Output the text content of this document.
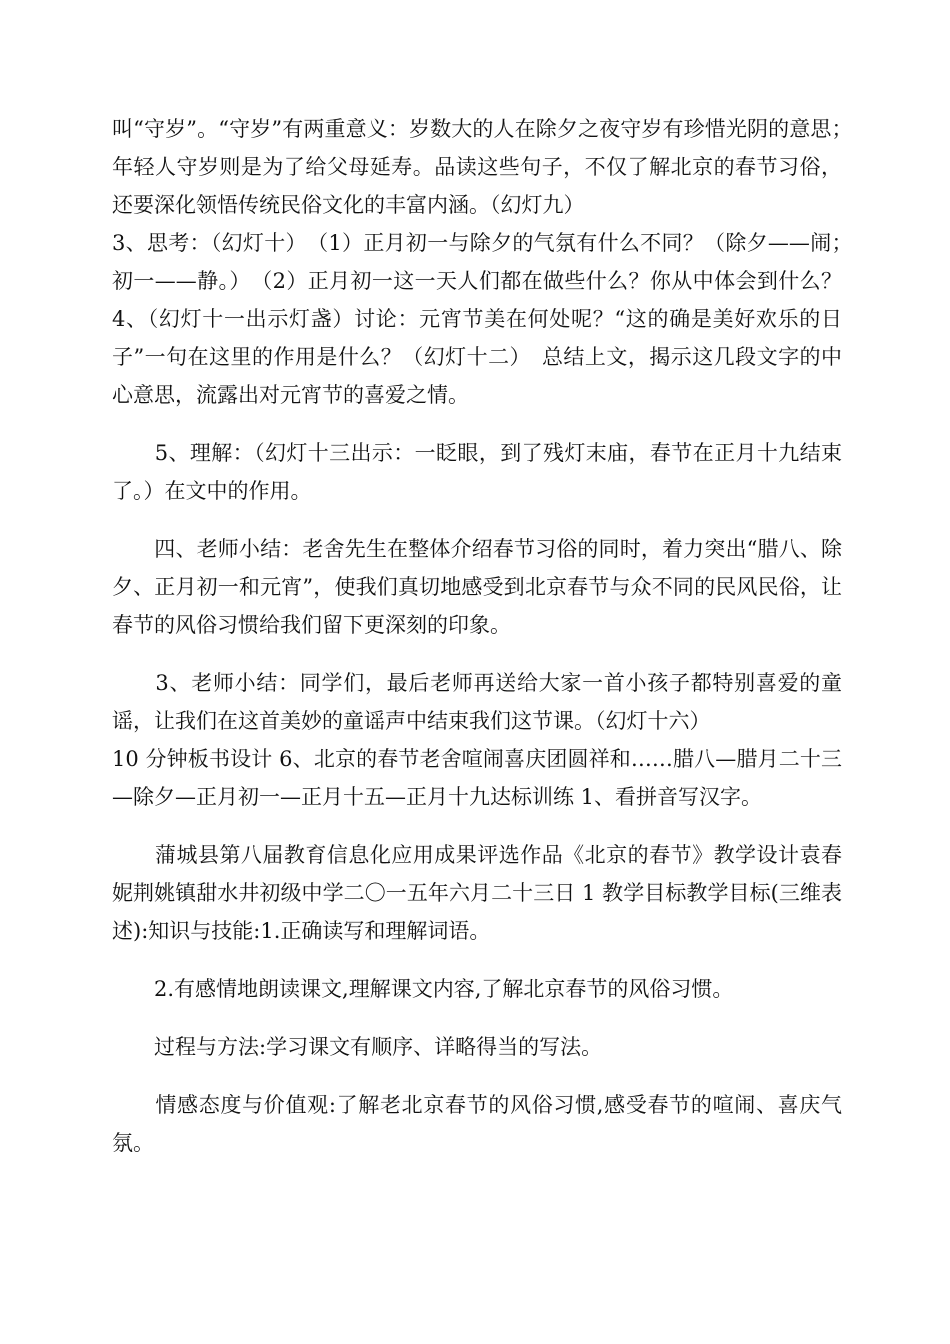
叫“守岁”。“守岁”有两重意义：岁数大的人在除夕之夜守岁有珍惜光阴的意思；　年轻人守岁则是为了给父母延寿。品读这些句子，不仅了解北京的春节习俗，还要深化领悟传统民俗文化的丰富内涵。（幻灯九）
3、思考：（幻灯十）　（1）正月初一与除夕的气氛有什么不同？（除夕——闹；　初一——静。）　（2）正月初一这一天人们都在做些什么？你从中体会到什么？4、（幻灯十一出示灯盏）讨论：元宵节美在何处呢？“这的确是美好欢乐的日子”一句在这里的作用是什么？（幻灯十二）　总结上文，揭示这几段文字的中心意思，流露出对元宵节的喜爱之情。

　　5、理解：（幻灯十三出示：一眨眼，到了残灯末庙，春节在正月十九结束了。）在文中的作用。

　　四、老师小结：老舍先生在整体介绍春节习俗的同时，着力突出“腊八、除夕、正月初一和元宵”，使我们真切地感受到北京春节与众不同的民风民俗，让春节的风俗习惯给我们留下更深刻的印象。

　　3、老师小结：同学们，最后老师再送给大家一首小孩子都特别喜爱的童谣，让我们在这首美妙的童谣声中结束我们这节课。（幻灯十六）
10 分钟板书设计 6、北京的春节老舍喧闹喜庆团圆祥和……腊八—腊月二十三—除夕—正月初一—正月十五—正月十九达标训练 1、看拼音写汉字。

　　蒲城县第八届教育信息化应用成果评选作品《北京的春节》教学设计袁春妮荆姚镇甜水井初级中学二〇一五年六月二十三日 1 教学目标教学目标(三维表述):知识与技能:1.正确读写和理解词语。

　　2.有感情地朗读课文,理解课文内容,了解北京春节的风俗习惯。

　　过程与方法:学习课文有顺序、详略得当的写法。

　　情感态度与价值观:了解老北京春节的风俗习惯,感受春节的喧闹、喜庆气氛。
